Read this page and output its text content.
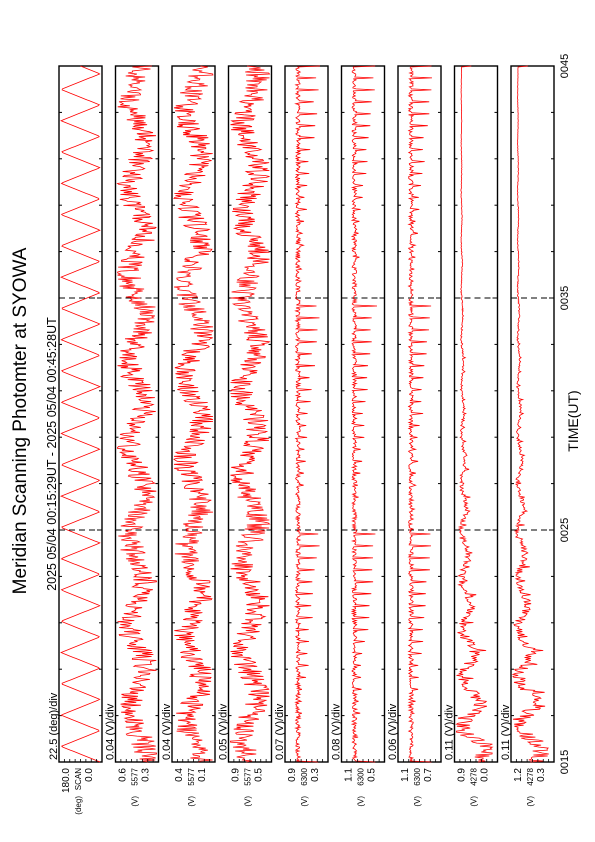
Meridian Scanning Photomter at SYOWA 2025 05/04 00:15:29UT - 2025 05/04 00:45:28UT	TIME(UT)
0015
0025
0035
0045
22.5 (deg)/div
180.0 0.0
SCAN
(deg)
0.04 (V)/div
0.6 0.3
5577
(V)
0.04 (V)/div
0.4 0.1
5577
(V)
0.05 (V)/div
0.9 0.5
5577
(V)
0.07 (V)/div
0.9 0.3
6300
(V)
0.08 (V)/div
1.1 0.5
6300
(V)
0.06 (V)/div
1.1 0.7
6300
(V)
0.11 (V)/div
0.9 0.0
4278
(V)
0.11 (V)/div
1.2 0.3
4278
(V)
